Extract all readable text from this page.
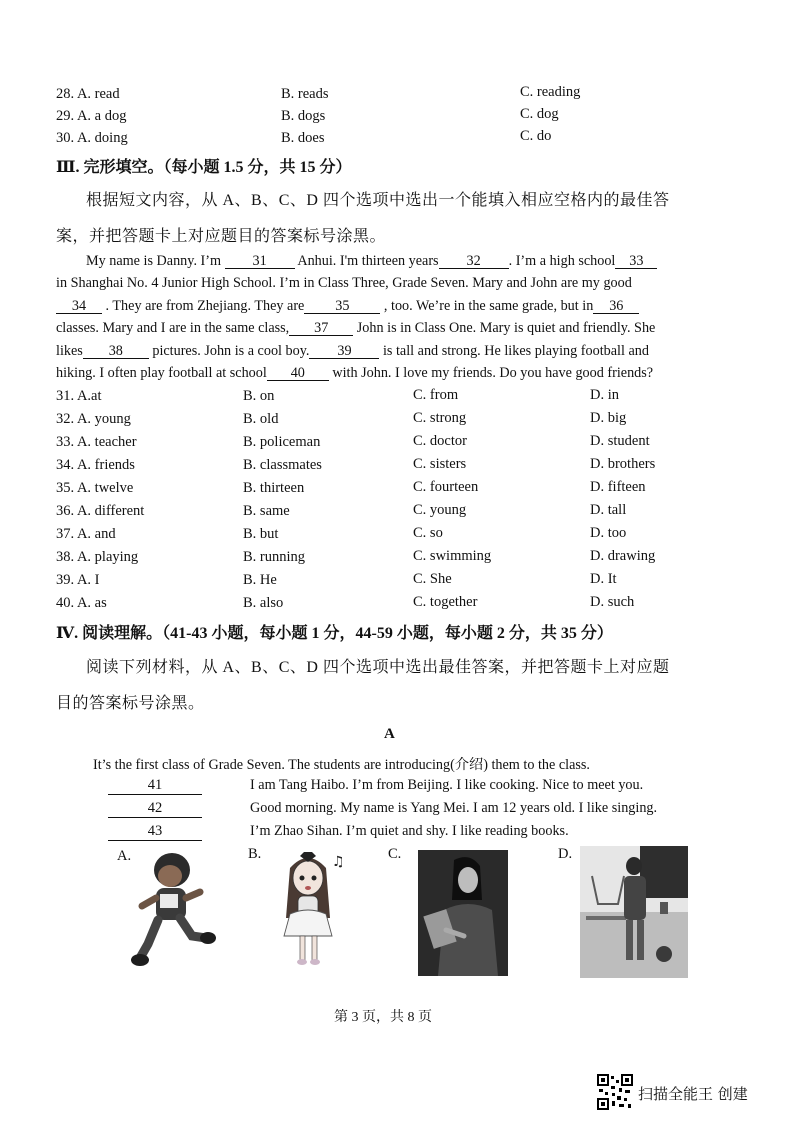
28. A. read	B. reads	C. reading
29. A. a dog	B. dogs	C. dog
30. A. doing	B. does	C. do
Ⅲ. 完形填空。（每小题 1.5 分，共 15 分）
根据短文内容，从 A、B、C、D 四个选项中选出一个能填入相应空格内的最佳答
案，并把答题卡上对应题目的答案标号涂黑。
My name is Danny. I’m 31 Anhui. I'm thirteen years 32 . I’m a high school 33
in Shanghai No. 4 Junior High School. I’m in Class Three, Grade Seven. Mary and John are my good
34 . They are from Zhejiang. They are 35 , too. We’re in the same grade, but in 36
classes. Mary and I are in the same class, 37 John is in Class One. Mary is quiet and friendly. She
likes 38 pictures. John is a cool boy. 39 is tall and strong. He likes playing football and
hiking. I often play football at school 40 with John. I love my friends. Do you have good friends?
31. A.at	B. on	C. from	D. in
32. A. young	B. old	C. strong	D. big
33. A. teacher	B. policeman	C. doctor	D. student
34. A. friends	B. classmates	C. sisters	D. brothers
35. A. twelve	B. thirteen	C. fourteen	D. fifteen
36. A. different	B. same	C. young	D. tall
37. A. and	B. but	C. so	D. too
38. A. playing	B. running	C. swimming	D. drawing
39. A. I	B. He	C. She	D. It
40. A. as	B. also	C. together	D. such
Ⅳ. 阅读理解。（41-43 小题，每小题 1 分，44-59 小题，每小题 2 分，共 35 分）
阅读下列材料，从 A、B、C、D 四个选项中选出最佳答案，并把答题卡上对应题
目的答案标号涂黑。
A
It’s the first class of Grade Seven. The students are introducing(介绍) them to the class.
41	I am Tang Haibo. I’m from Beijing. I like cooking. Nice to meet you.
42	Good morning. My name is Yang Mei. I am 12 years old. I like singing.
43	I’m Zhao Sihan. I’m quiet and shy. I like reading books.
A.	B.	C.	D.
♫
第 3 页，共 8 页
扫描全能王 创建
